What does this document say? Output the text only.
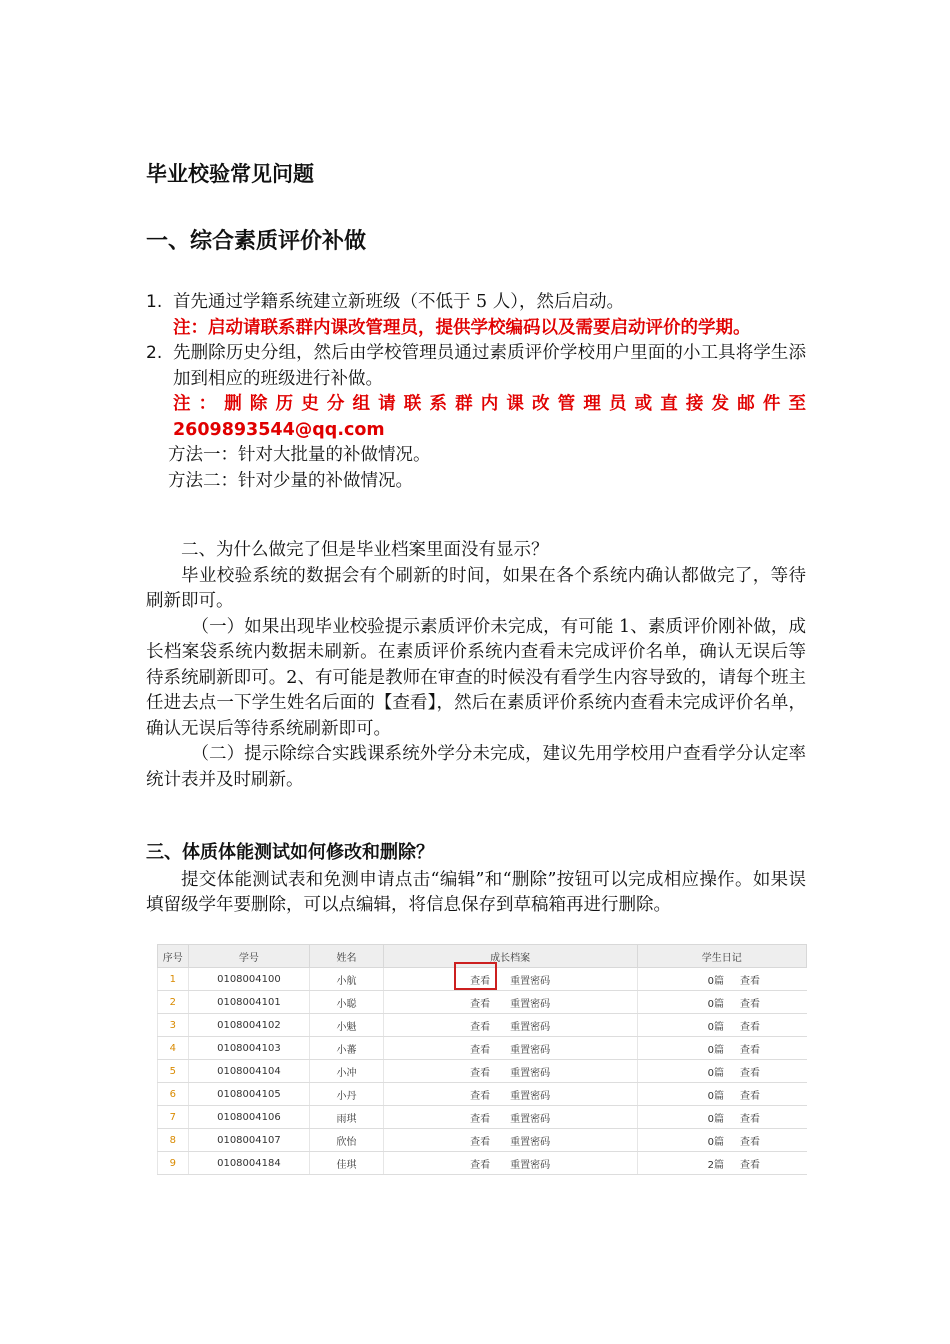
毕业校验常见问题
一、综合素质评价补做
1. 首先通过学籍系统建立新班级（不低于 5 人），然后启动。
注：启动请联系群内课改管理员，提供学校编码以及需要启动评价的学期。
2. 先删除历史分组，然后由学校管理员通过素质评价学校用户里面的小工具将学生添加到相应的班级进行补做。
注：删除历史分组请联系群内课改管理员或直接发邮件至2609893544@qq.com
方法一：针对大批量的补做情况。
方法二：针对少量的补做情况。
二、为什么做完了但是毕业档案里面没有显示？
毕业校验系统的数据会有个刷新的时间，如果在各个系统内确认都做完了，等待刷新即可。
（一）如果出现毕业校验提示素质评价未完成，有可能 1、素质评价刚补做，成长档案袋系统内数据未刷新。在素质评价系统内查看未完成评价名单，确认无误后等待系统刷新即可。2、有可能是教师在审查的时候没有看学生内容导致的，请每个班主任进去点一下学生姓名后面的【查看】，然后在素质评价系统内查看未完成评价名单，确认无误后等待系统刷新即可。
（二）提示除综合实践课系统外学分未完成，建议先用学校用户查看学分认定率统计表并及时刷新。
三、体质体能测试如何修改和删除？
提交体能测试表和免测申请点击“编辑”和“删除”按钮可以完成相应操作。如果误填留级学年要删除，可以点编辑，将信息保存到草稿箱再进行删除。
序号	学号	姓名	成长档案	学生日记
1	0108004100	小航	查看 重置密码	0篇 查看
2	0108004101	小聪	查看 重置密码	0篇 查看
3	0108004102	小魁	查看 重置密码	0篇 查看
4	0108004103	小蕃	查看 重置密码	0篇 查看
5	0108004104	小冲	查看 重置密码	0篇 查看
6	0108004105	小丹	查看 重置密码	0篇 查看
7	0108004106	雨琪	查看 重置密码	0篇 查看
8	0108004107	欣怡	查看 重置密码	0篇 查看
9	0108004184	佳琪	查看 重置密码	2篇 查看
